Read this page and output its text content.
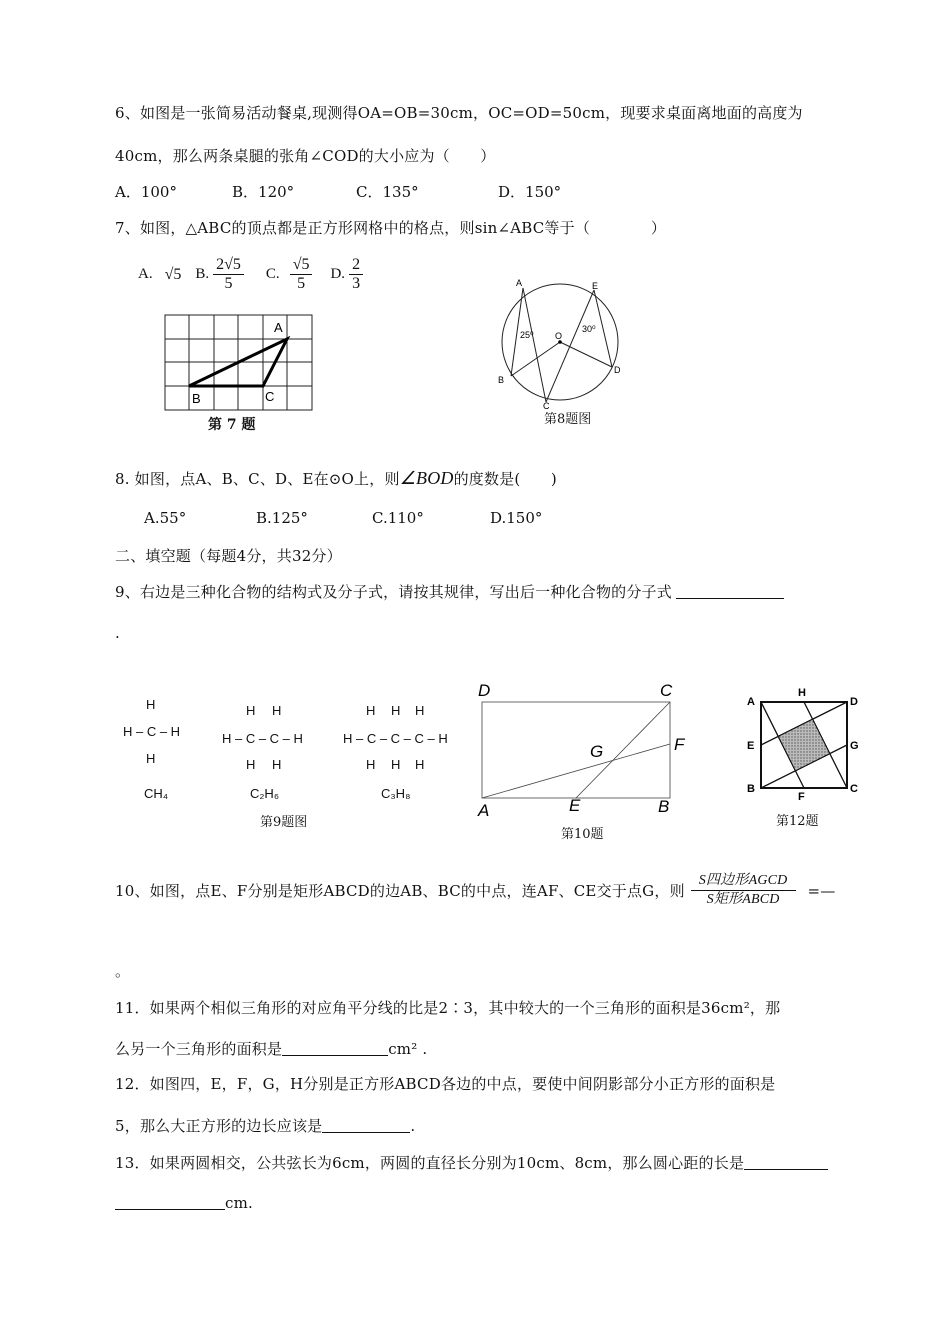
6、如图是一张简易活动餐桌,现测得OA=OB=30cm，OC=OD=50cm，现要求桌面离地面的高度为
40cm，那么两条桌腿的张角∠COD的大小应为（　　）
A．100°	B．120°	C．135°	D．150°
7、如图，△ABC的顶点都是正方形网格中的格点，则sin∠ABC等于（　　　　）
A. √5 B. $\frac{2√5}{5} C$. $\frac{√5}{5} D$. $\frac{2}{3}$
A
B	C
第 7 题
A	E
O
B
D
C
25⁰
30⁰
第8题图
8. 如图，点A、B、C、D、E在⊙O上，则∠BOD的度数是(　　)
A.55°	B.125°	C.110°	D.150°
二、填空题（每题4分，共32分）
9、右边是三种化合物的结构式及分子式，请按其规律，写出后一种化合物的分子式
.
H
H – C – H
H
H H
H – C – C – H
H H
H H H
H – C – C – C – H
H H H
CH₄	C₂H₆	C₃H₈
第9题图
D	C
F
G
A	E	B
第10题
A
H
D
E	G
B
F
C
第12题
10、如图，点E、F分别是矩形ABCD的边AB、BC的中点，连AF、CE交于点G，则 $\frac{\text{S四边形AGCD}}{\text{S矩形ABCD}}$ =—
。
11．如果两个相似三角形的对应角平分线的比是2∶3，其中较大的一个三角形的面积是36cm²，那
么另一个三角形的面积是	cm² .
12．如图四，E，F，G，H分别是正方形ABCD各边的中点，要使中间阴影部分小正方形的面积是
5，那么大正方形的边长应该是	.
13．如果两圆相交，公共弦长为6cm，两圆的直径长分别为10cm、8cm，那么圆心距的长是
cm.
